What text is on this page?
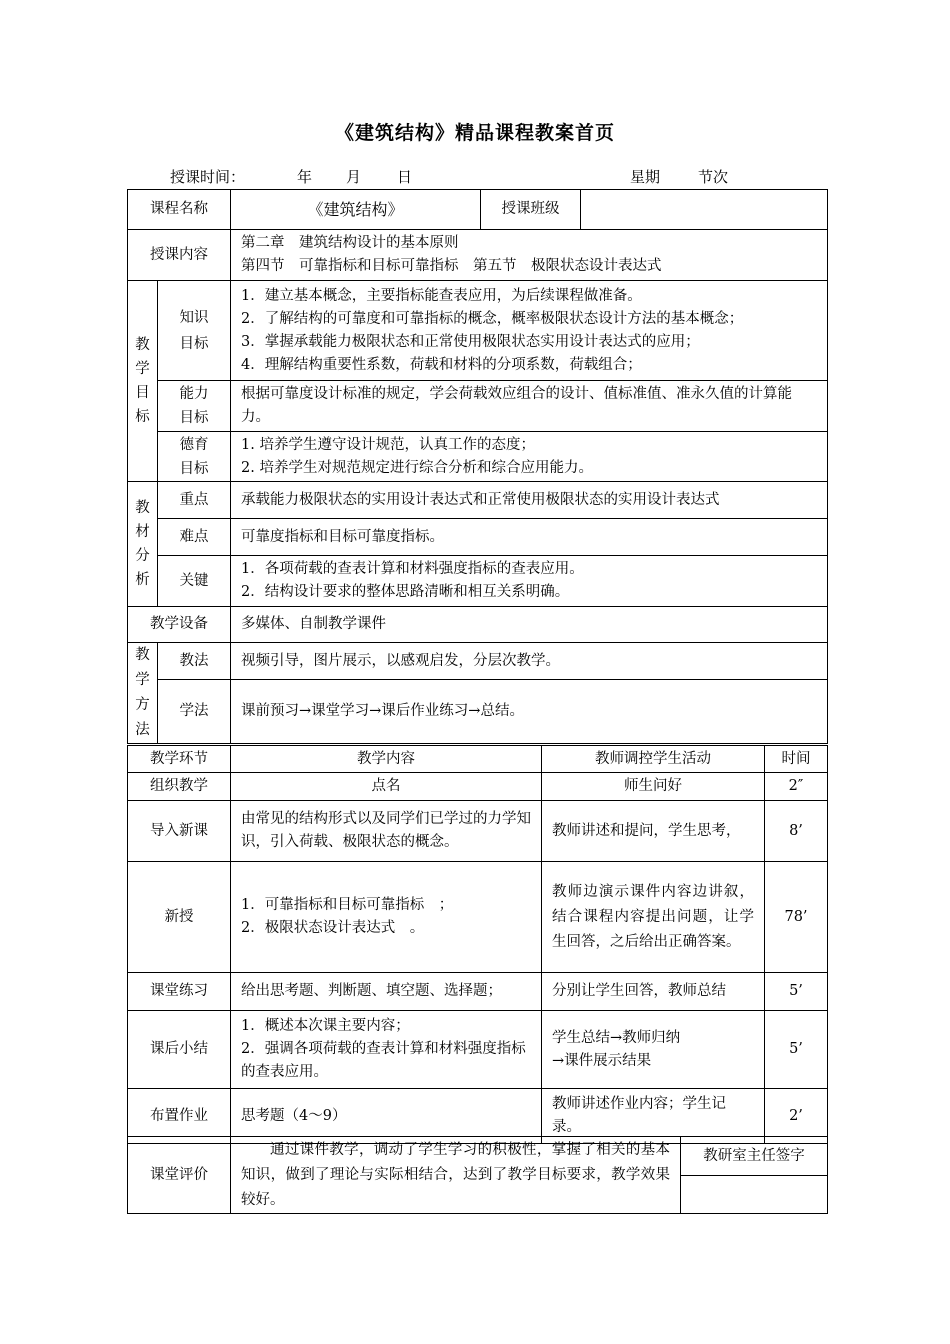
《建筑结构》精品课程教案首页
授课时间：	年 月 日	星期	节次
课程名称		《建筑结构》	授课班级	
授课内容		第二章　建筑结构设计的基本原则
第四节　可靠指标和目标可靠指标　第五节　极限状态设计表达式		

教学目标	知识目标	1．建立基本概念，主要指标能查表应用，为后续课程做准备。
2．了解结构的可靠度和可靠指标的概念，概率极限状态设计方法的基本概念；
3．掌握承载能力极限状态和正常使用极限状态实用设计表达式的应用；
4．理解结构重要性系数，荷载和材料的分项系数，荷载组合；		

	能力目标	根据可靠度设计标准的规定，学会荷载效应组合的设计、值标准值、准永久值的计算能力。		

	德育目标	1. 培养学生遵守设计规范，认真工作的态度；
2. 培养学生对规范规定进行综合分析和综合应用能力。		

教材分析	重点	承载能力极限状态的实用设计表达式和正常使用极限状态的实用设计表达式		
	难点	可靠度指标和目标可靠度指标。		
	关键	1．各项荷载的查表计算和材料强度指标的查表应用。
2．结构设计要求的整体思路清晰和相互关系明确。		

教学设备		多媒体、自制教学课件		

教学方法	教法	视频引导，图片展示，以感观启发，分层次教学。		
	学法	课前预习→课堂学习→课后作业练习→总结。		
教学环节	教学内容	教师调控学生活动	时间
组织教学	点名	师生问好	2″
导入新课	由常见的结构形式以及同学们已学过的力学知识，引入荷载、极限状态的概念。	教师讲述和提问，学生思考，	8’
新授	1．可靠指标和目标可靠指标　；
2．极限状态设计表达式　。	教师边演示课件内容边讲叙，结合课程内容提出问题，让学生回答，之后给出正确答案。	78’
课堂练习	给出思考题、判断题、填空题、选择题；	分别让学生回答，教师总结	5’
课后小结	1．概述本次课主要内容；
2．强调各项荷载的查表计算和材料强度指标的查表应用。	学生总结→教师归纳
→课件展示结果	5’
布置作业	思考题（4～9）	教师讲述作业内容；学生记录。	2’
课堂评价	通过课件教学，调动了学生学习的积极性，掌握了相关的基本知识，做到了理论与实际相结合，达到了教学目标要求，教学效果较好。	教研室主任签字
